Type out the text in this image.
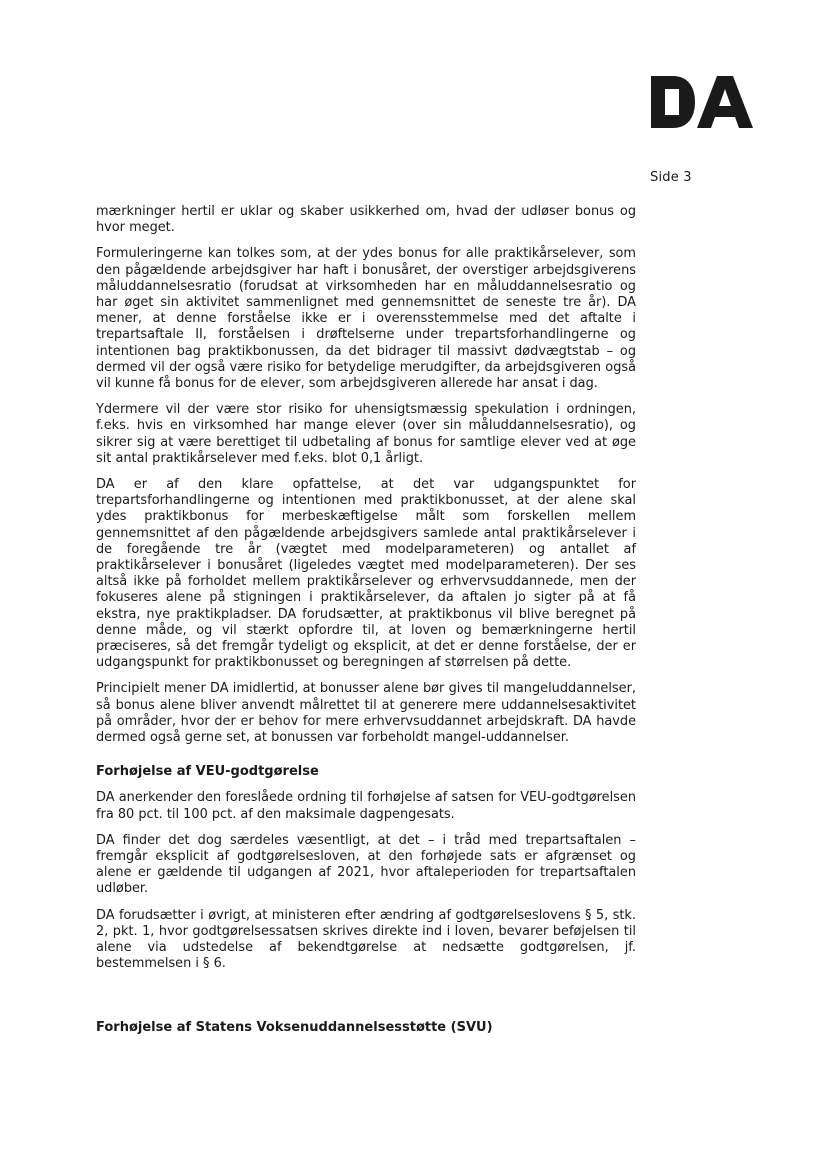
Side 3

mærkninger hertil er uklar og skaber usikkerhed om, hvad der udløser bonus og hvor meget.

Formuleringerne kan tolkes som, at der ydes bonus for alle praktikårselever, som den pågældende arbejdsgiver har haft i bonusåret, der overstiger arbejdsgiverens måluddannelsesratio (forudsat at virksomheden har en måluddannelsesratio og har øget sin aktivitet sammenlignet med gennemsnittet de seneste tre år). DA mener, at denne forståelse ikke er i overensstemmelse med det aftalte i trepartsaftale II, forståelsen i drøftelserne under trepartsforhandlingerne og intentionen bag praktikbonussen, da det bidrager til massivt dødvægtstab – og dermed vil der også være risiko for betydelige merudgifter, da arbejdsgiveren også vil kunne få bonus for de elever, som arbejdsgiveren allerede har ansat i dag.

Ydermere vil der være stor risiko for uhensigtsmæssig spekulation i ordningen, f.eks. hvis en virksomhed har mange elever (over sin måluddannelsesratio), og sikrer sig at være berettiget til udbetaling af bonus for samtlige elever ved at øge sit antal praktikårselever med f.eks. blot 0,1 årligt.

DA er af den klare opfattelse, at det var udgangspunktet for trepartsforhandlingerne og intentionen med praktikbonusset, at der alene skal ydes praktikbonus for merbeskæftigelse målt som forskellen mellem gennemsnittet af den pågældende arbejdsgivers samlede antal praktikårselever i de foregående tre år (vægtet med modelparameteren) og antallet af praktikårselever i bonusåret (ligeledes vægtet med modelparameteren). Der ses altså ikke på forholdet mellem praktikårselever og erhvervsuddannede, men der fokuseres alene på stigningen i praktikårselever, da aftalen jo sigter på at få ekstra, nye praktikpladser. DA forudsætter, at praktikbonus vil blive beregnet på denne måde, og vil stærkt opfordre til, at loven og bemærkningerne hertil præciseres, så det fremgår tydeligt og eksplicit, at det er denne forståelse, der er udgangspunkt for praktikbonusset og beregningen af størrelsen på dette.

Principielt mener DA imidlertid, at bonusser alene bør gives til mangeluddannelser, så bonus alene bliver anvendt målrettet til at generere mere uddannelsesaktivitet på områder, hvor der er behov for mere erhvervsuddannet arbejdskraft. DA havde dermed også gerne set, at bonussen var forbeholdt mangel-uddannelser.

Forhøjelse af VEU-godtgørelse

DA anerkender den foreslåede ordning til forhøjelse af satsen for VEU-godtgørelsen fra 80 pct. til 100 pct. af den maksimale dagpengesats.

DA finder det dog særdeles væsentligt, at det – i tråd med trepartsaftalen – fremgår eksplicit af godtgørelsesloven, at den forhøjede sats er afgrænset og alene er gældende til udgangen af 2021, hvor aftaleperioden for trepartsaftalen udløber.

DA forudsætter i øvrigt, at ministeren efter ændring af godtgørelseslovens § 5, stk. 2, pkt. 1, hvor godtgørelsessatsen skrives direkte ind i loven, bevarer beføjelsen til alene via udstedelse af bekendtgørelse at nedsætte godtgørelsen, jf. bestemmelsen i § 6.

Forhøjelse af Statens Voksenuddannelsesstøtte (SVU)
